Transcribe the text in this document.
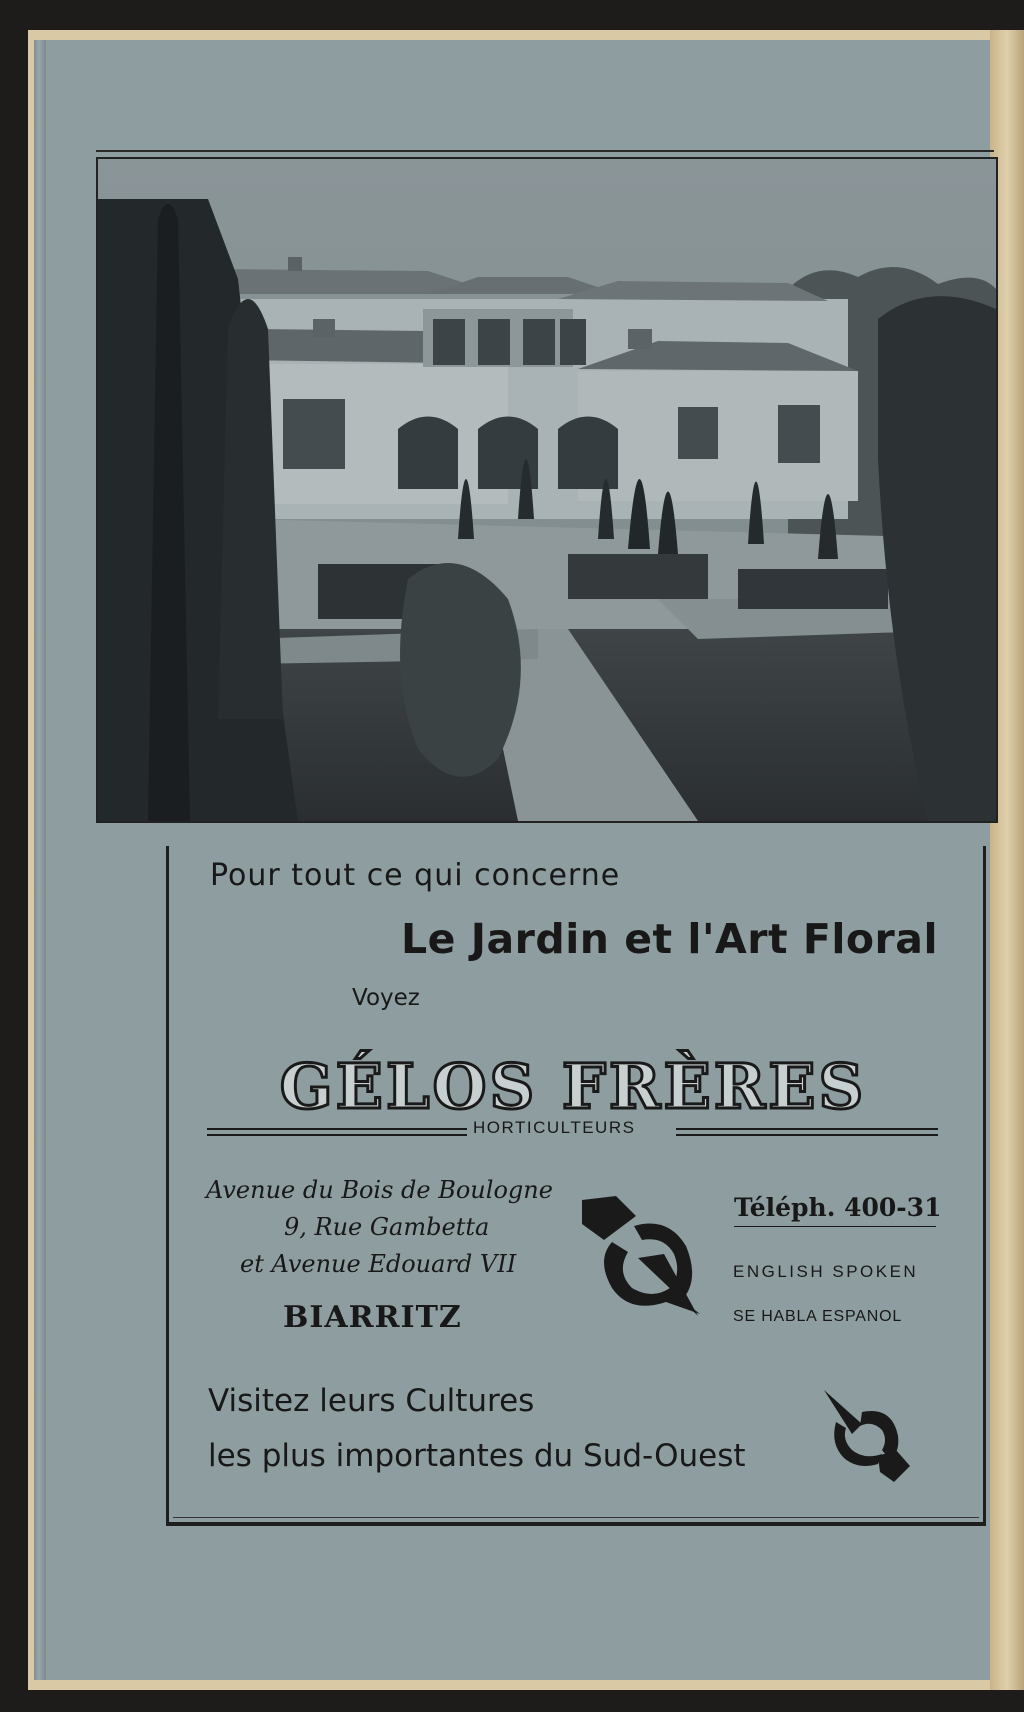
Pour tout ce qui concerne
Le Jardin et l'Art Floral
Voyez
GÉLOS FRÈRES
HORTICULTEURS
Avenue du Bois de Boulogne
9, Rue Gambetta
et Avenue Edouard VII
BIARRITZ
Téléph. 400-31
ENGLISH SPOKEN
SE HABLA ESPANOL
Visitez leurs Cultures
les plus importantes du Sud-Ouest
